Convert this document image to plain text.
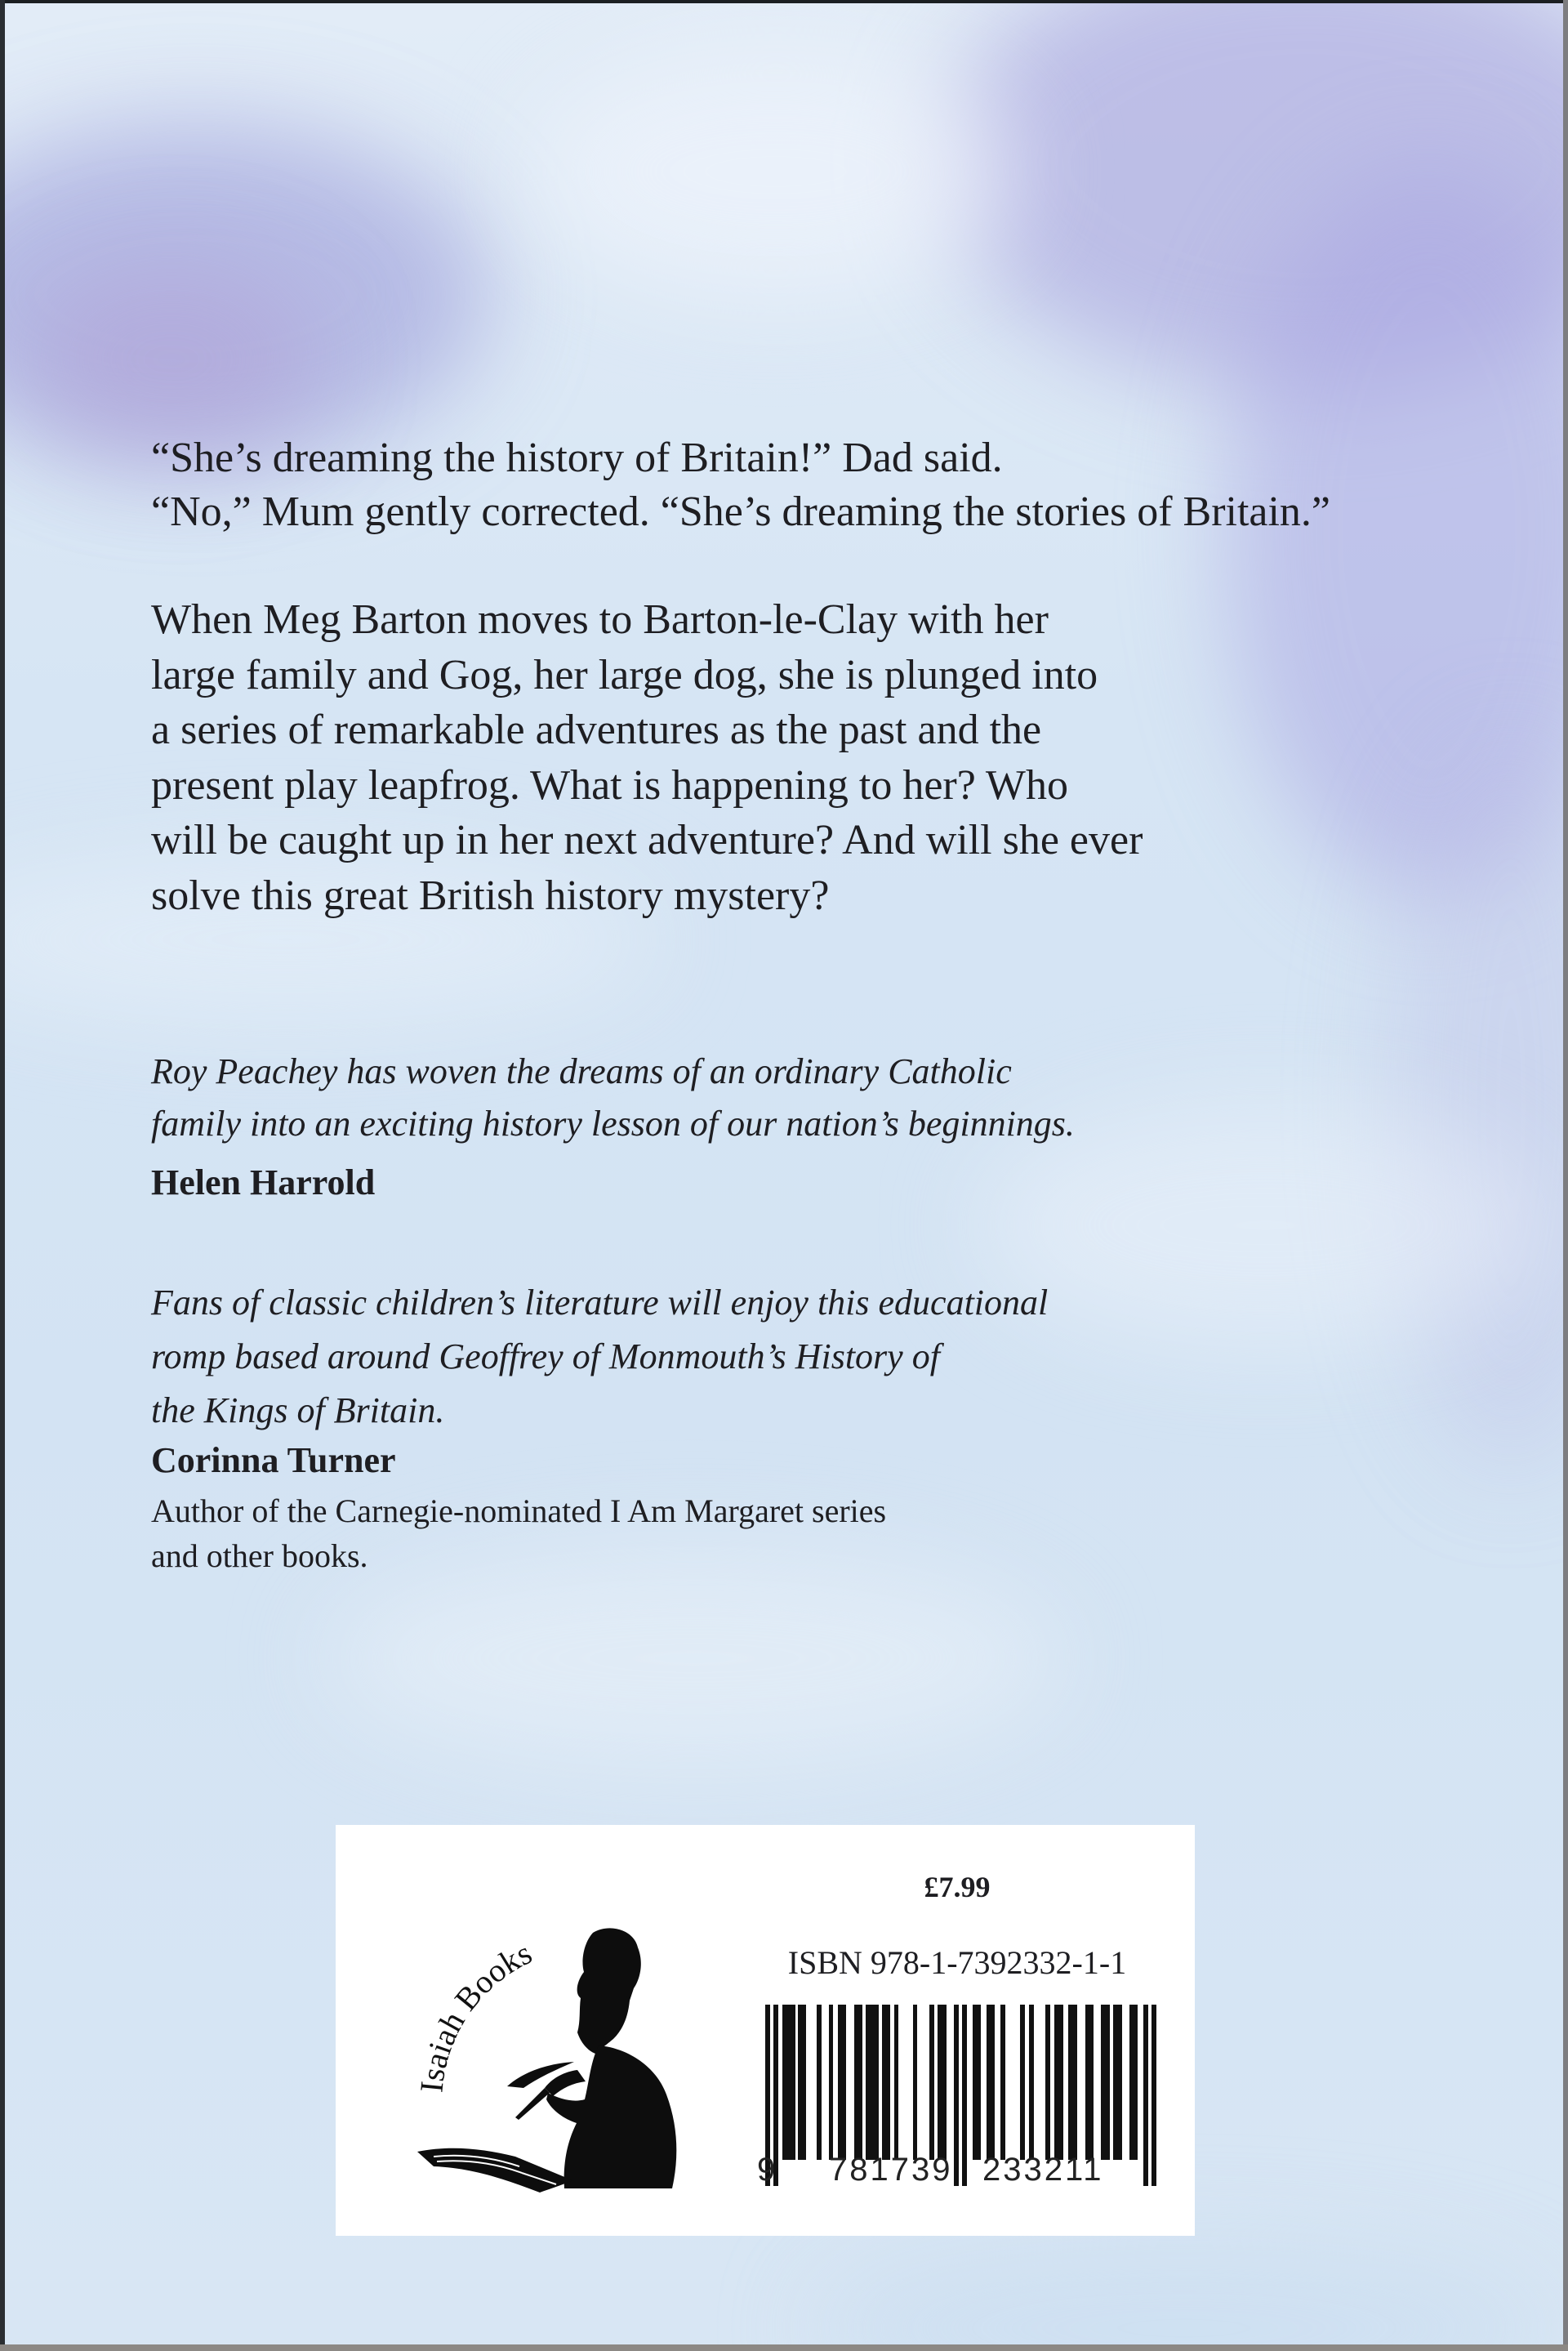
“She’s dreaming the history of Britain!” Dad said.
“No,” Mum gently corrected. “She’s dreaming the stories of Britain.”
When Meg Barton moves to Barton-le-Clay with her
large family and Gog, her large dog, she is plunged into
a series of remarkable adventures as the past and the
present play leapfrog. What is happening to her? Who
will be caught up in her next adventure? And will she ever
solve this great British history mystery?
Roy Peachey has woven the dreams of an ordinary Catholic
family into an exciting history lesson of our nation’s beginnings.
Helen Harrold
Fans of classic children’s literature will enjoy this educational
romp based around Geoffrey of Monmouth’s History of
the Kings of Britain.
Corinna Turner
Author of the Carnegie-nominated I Am Margaret series
and other books.
Isaiah Books
£7.99
ISBN 978-1-7392332-1-1
9 781739 233211
